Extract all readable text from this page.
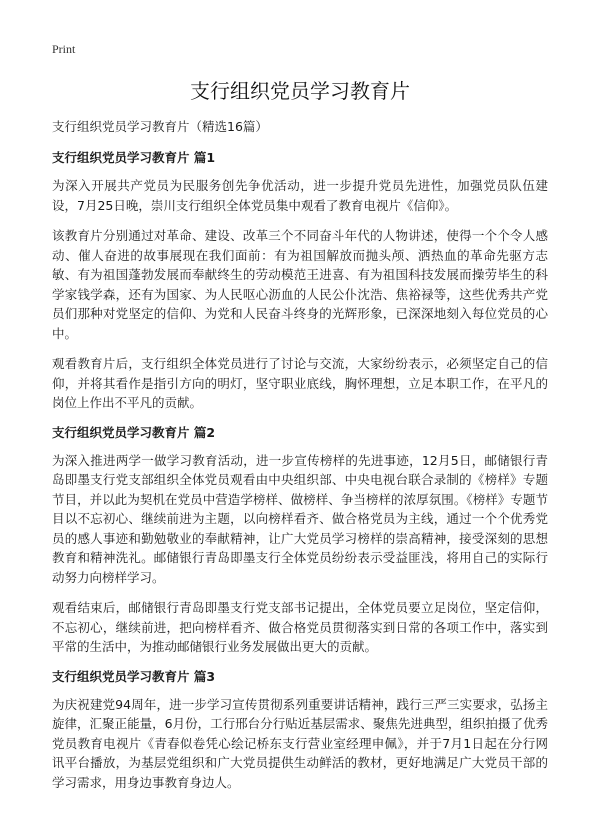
Print
支行组织党员学习教育片
支行组织党员学习教育片（精选16篇）
支行组织党员学习教育片 篇1

为深入开展共产党员为民服务创先争优活动，进一步提升党员先进性，加强党员队伍建设，7月25日晚，崇川支行组织全体党员集中观看了教育电视片《信仰》。

该教育片分别通过对革命、建设、改革三个不同奋斗年代的人物讲述，使得一个个令人感动、催人奋进的故事展现在我们面前：有为祖国解放而抛头颅、洒热血的革命先驱方志敏、有为祖国蓬勃发展而奉献终生的劳动模范王进喜、有为祖国科技发展而操劳毕生的科学家钱学森，还有为国家、为人民呕心沥血的人民公仆沈浩、焦裕禄等，这些优秀共产党员们那种对党坚定的信仰、为党和人民奋斗终身的光辉形象，已深深地刻入每位党员的心中。

观看教育片后，支行组织全体党员进行了讨论与交流，大家纷纷表示，必须坚定自己的信仰，并将其看作是指引方向的明灯，坚守职业底线，胸怀理想，立足本职工作，在平凡的岗位上作出不平凡的贡献。

支行组织党员学习教育片 篇2

为深入推进两学一做学习教育活动，进一步宣传榜样的先进事迹，12月5日，邮储银行青岛即墨支行党支部组织全体党员观看由中央组织部、中央电视台联合录制的《榜样》专题节目，并以此为契机在党员中营造学榜样、做榜样、争当榜样的浓厚氛围。《榜样》专题节目以不忘初心、继续前进为主题，以向榜样看齐、做合格党员为主线，通过一个个优秀党员的感人事迹和勤勉敬业的奉献精神，让广大党员学习榜样的崇高精神，接受深刻的思想教育和精神洗礼。邮储银行青岛即墨支行全体党员纷纷表示受益匪浅，将用自己的实际行动努力向榜样学习。

观看结束后，邮储银行青岛即墨支行党支部书记提出，全体党员要立足岗位，坚定信仰，不忘初心，继续前进，把向榜样看齐、做合格党员贯彻落实到日常的各项工作中，落实到平常的生活中，为推动邮储银行业务发展做出更大的贡献。

支行组织党员学习教育片 篇3

为庆祝建党94周年，进一步学习宣传贯彻系列重要讲话精神，践行三严三实要求，弘扬主旋律，汇聚正能量，6月份，工行邢台分行贴近基层需求、聚焦先进典型，组织拍摄了优秀党员教育电视片《青春似卷凭心绘记桥东支行营业室经理申佩》，并于7月1日起在分行网讯平台播放，为基层党组织和广大党员提供生动鲜活的教材，更好地满足广大党员干部的学习需求，用身边事教育身边人。
